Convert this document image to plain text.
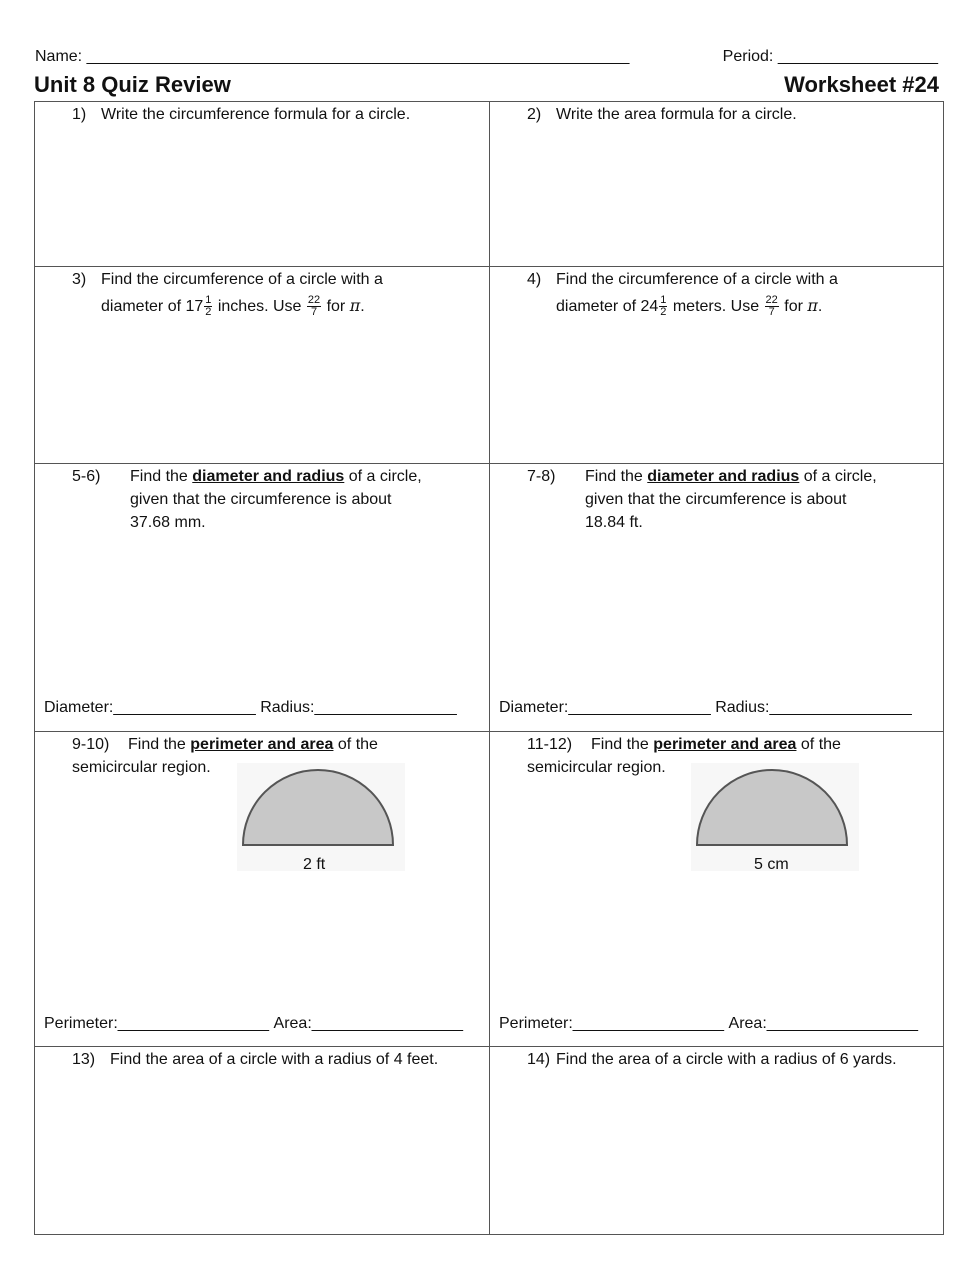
Name: _____________________________________________________________	Period: __________________
Unit 8 Quiz Review	Worksheet #24
1) Write the circumference formula for a circle.	2) Write the area formula for a circle.
3) Find the circumference of a circle with a
diameter of $17 \frac{1}{2}$ inches. Use $\frac{22}{7}$ for π.
4) Find the circumference of a circle with a
diameter of $24 \frac{1}{2}$ meters. Use $\frac{22}{7}$ for π.
5-6) Find the diameter and radius of a circle,
given that the circumference is about
37.68 mm.
Diameter:________________ Radius:________________
7-8) Find the diameter and radius of a circle,
given that the circumference is about
18.84 ft.
Diameter:________________ Radius:________________
9-10) Find the perimeter and area of the
semicircular region.
2 ft
Perimeter:_________________ Area:_________________
11-12) Find the perimeter and area of the
semicircular region.
5 cm
Perimeter:_________________ Area:_________________
13) Find the area of a circle with a radius of 4 feet.	14) Find the area of a circle with a radius of 6 yards.
